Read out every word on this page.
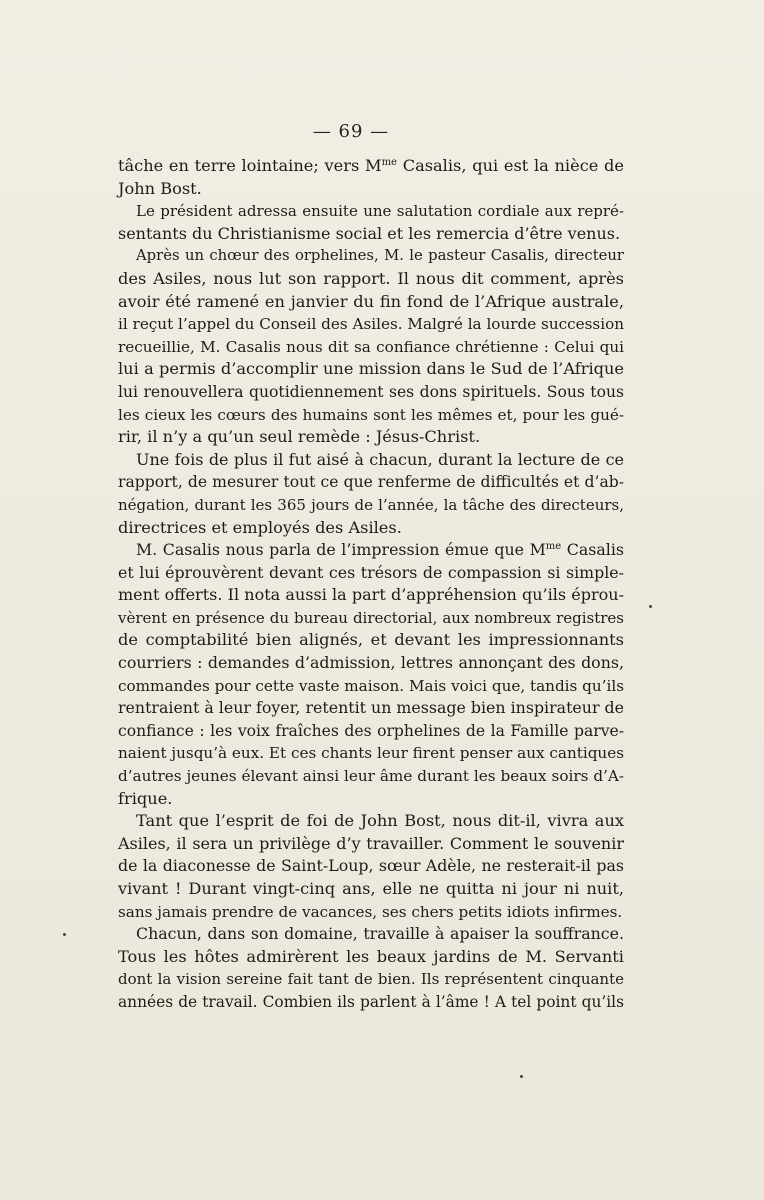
— 69 —
tâche en terre lointaine; vers $M^{me}$ Casalis, qui est la nièce de
John Bost.
Le président adressa ensuite une salutation cordiale aux repré-
sentants du Christianisme social et les remercia d’être venus.
Après un chœur des orphelines, M. le pasteur Casalis, directeur
des Asiles, nous lut son rapport. Il nous dit comment, après
avoir été ramené en janvier du fin fond de l’Afrique australe,
il reçut l’appel du Conseil des Asiles. Malgré la lourde succession
recueillie, M. Casalis nous dit sa confiance chrétienne : Celui qui
lui a permis d’accomplir une mission dans le Sud de l’Afrique
lui renouvellera quotidiennement ses dons spirituels. Sous tous
les cieux les cœurs des humains sont les mêmes et, pour les gué-
rir, il n’y a qu’un seul remède : Jésus-Christ.
Une fois de plus il fut aisé à chacun, durant la lecture de ce
rapport, de mesurer tout ce que renferme de difficultés et d’ab-
négation, durant les 365 jours de l’année, la tâche des directeurs,
directrices et employés des Asiles.
M. Casalis nous parla de l’impression émue que $M^{me}$ Casalis
et lui éprouvèrent devant ces trésors de compassion si simple-
ment offerts. Il nota aussi la part d’appréhension qu’ils éprou-
vèrent en présence du bureau directorial, aux nombreux registres
de comptabilité bien alignés, et devant les impressionnants
courriers : demandes d’admission, lettres annonçant des dons,
commandes pour cette vaste maison. Mais voici que, tandis qu’ils
rentraient à leur foyer, retentit un message bien inspirateur de
confiance : les voix fraîches des orphelines de la Famille parve-
naient jusqu’à eux. Et ces chants leur firent penser aux cantiques
d’autres jeunes élevant ainsi leur âme durant les beaux soirs d’A-
frique.
Tant que l’esprit de foi de John Bost, nous dit-il, vivra aux
Asiles, il sera un privilège d’y travailler. Comment le souvenir
de la diaconesse de Saint-Loup, sœur Adèle, ne resterait-il pas
vivant ! Durant vingt-cinq ans, elle ne quitta ni jour ni nuit,
sans jamais prendre de vacances, ses chers petits idiots infirmes.
Chacun, dans son domaine, travaille à apaiser la souffrance.
Tous les hôtes admirèrent les beaux jardins de M. Servanti
dont la vision sereine fait tant de bien. Ils représentent cinquante
années de travail. Combien ils parlent à l’âme ! A tel point qu’ils
